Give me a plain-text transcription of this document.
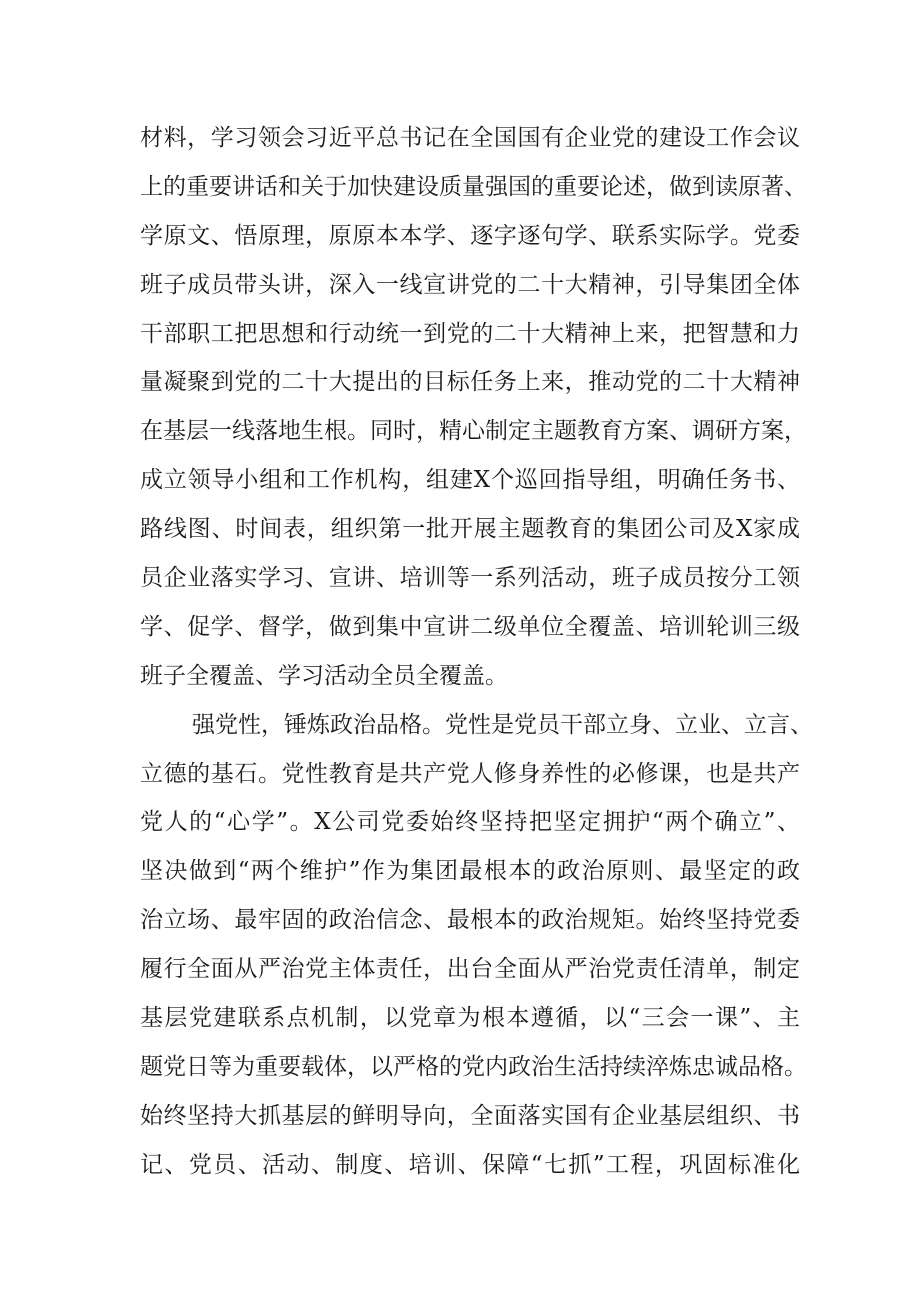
材料，学习领会习近平总书记在全国国有企业党的建设工作会议
上的重要讲话和关于加快建设质量强国的重要论述，做到读原著、
学原文、悟原理，原原本本学、逐字逐句学、联系实际学。党委
班子成员带头讲，深入一线宣讲党的二十大精神，引导集团全体
干部职工把思想和行动统一到党的二十大精神上来，把智慧和力
量凝聚到党的二十大提出的目标任务上来，推动党的二十大精神
在基层一线落地生根。同时，精心制定主题教育方案、调研方案，
成立领导小组和工作机构，组建X个巡回指导组，明确任务书、
路线图、时间表，组织第一批开展主题教育的集团公司及X家成
员企业落实学习、宣讲、培训等一系列活动，班子成员按分工领
学、促学、督学，做到集中宣讲二级单位全覆盖、培训轮训三级
班子全覆盖、学习活动全员全覆盖。
强党性，锤炼政治品格。党性是党员干部立身、立业、立言、
立德的基石。党性教育是共产党人修身养性的必修课，也是共产
党人的“心学”。X公司党委始终坚持把坚定拥护“两个确立”、
坚决做到“两个维护”作为集团最根本的政治原则、最坚定的政
治立场、最牢固的政治信念、最根本的政治规矩。始终坚持党委
履行全面从严治党主体责任，出台全面从严治党责任清单，制定
基层党建联系点机制，以党章为根本遵循，以“三会一课”、主
题党日等为重要载体，以严格的党内政治生活持续淬炼忠诚品格。
始终坚持大抓基层的鲜明导向，全面落实国有企业基层组织、书
记、党员、活动、制度、培训、保障“七抓”工程，巩固标准化
